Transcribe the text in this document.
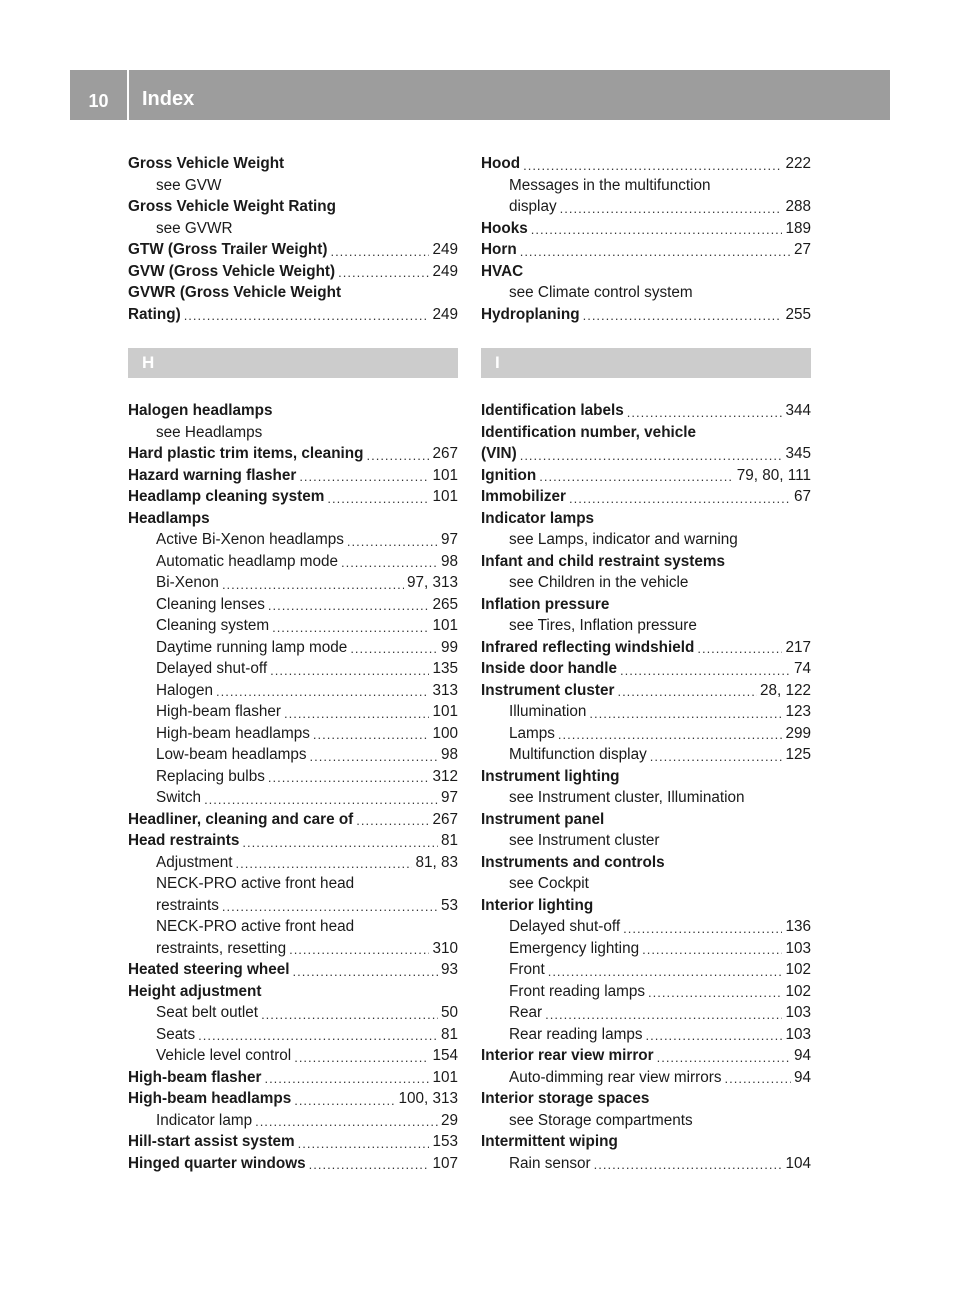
10	Index
Gross Vehicle Weight
see GVW
Gross Vehicle Weight Rating
see GVWR
GTW (Gross Trailer Weight) .....	249
GVW (Gross Vehicle Weight) .....	249
GVWR (Gross Vehicle Weight
Rating) .....	249
H
Halogen headlamps
see Headlamps
Hard plastic trim items, cleaning .....	267
Hazard warning flasher .....	101
Headlamp cleaning system .....	101
Headlamps
Active Bi-Xenon headlamps .....	97
Automatic headlamp mode .....	98
Bi-Xenon .....	97, 313
Cleaning lenses .....	265
Cleaning system .....	101
Daytime running lamp mode .....	99
Delayed shut-off .....	135
Halogen .....	313
High-beam flasher .....	101
High-beam headlamps .....	100
Low-beam headlamps .....	98
Replacing bulbs .....	312
Switch .....	97
Headliner, cleaning and care of .....	267
Head restraints .....	81
Adjustment .....	81, 83
NECK-PRO active front head
restraints .....	53
NECK-PRO active front head
restraints, resetting .....	310
Heated steering wheel .....	93
Height adjustment
Seat belt outlet .....	50
Seats .....	81
Vehicle level control .....	154
High-beam flasher .....	101
High-beam headlamps .....	100, 313
Indicator lamp .....	29
Hill-start assist system .....	153
Hinged quarter windows .....	107
Hood .....	222
Messages in the multifunction
display .....	288
Hooks .....	189
Horn .....	27
HVAC
see Climate control system
Hydroplaning .....	255
I
Identification labels .....	344
Identification number, vehicle
(VIN) .....	345
Ignition .....	79, 80, 111
Immobilizer .....	67
Indicator lamps
see Lamps, indicator and warning
Infant and child restraint systems
see Children in the vehicle
Inflation pressure
see Tires, Inflation pressure
Infrared reflecting windshield .....	217
Inside door handle .....	74
Instrument cluster .....	28, 122
Illumination .....	123
Lamps .....	299
Multifunction display .....	125
Instrument lighting
see Instrument cluster, Illumination
Instrument panel
see Instrument cluster
Instruments and controls
see Cockpit
Interior lighting
Delayed shut-off .....	136
Emergency lighting .....	103
Front .....	102
Front reading lamps .....	102
Rear .....	103
Rear reading lamps .....	103
Interior rear view mirror .....	94
Auto-dimming rear view mirrors .....	94
Interior storage spaces
see Storage compartments
Intermittent wiping
Rain sensor .....	104
